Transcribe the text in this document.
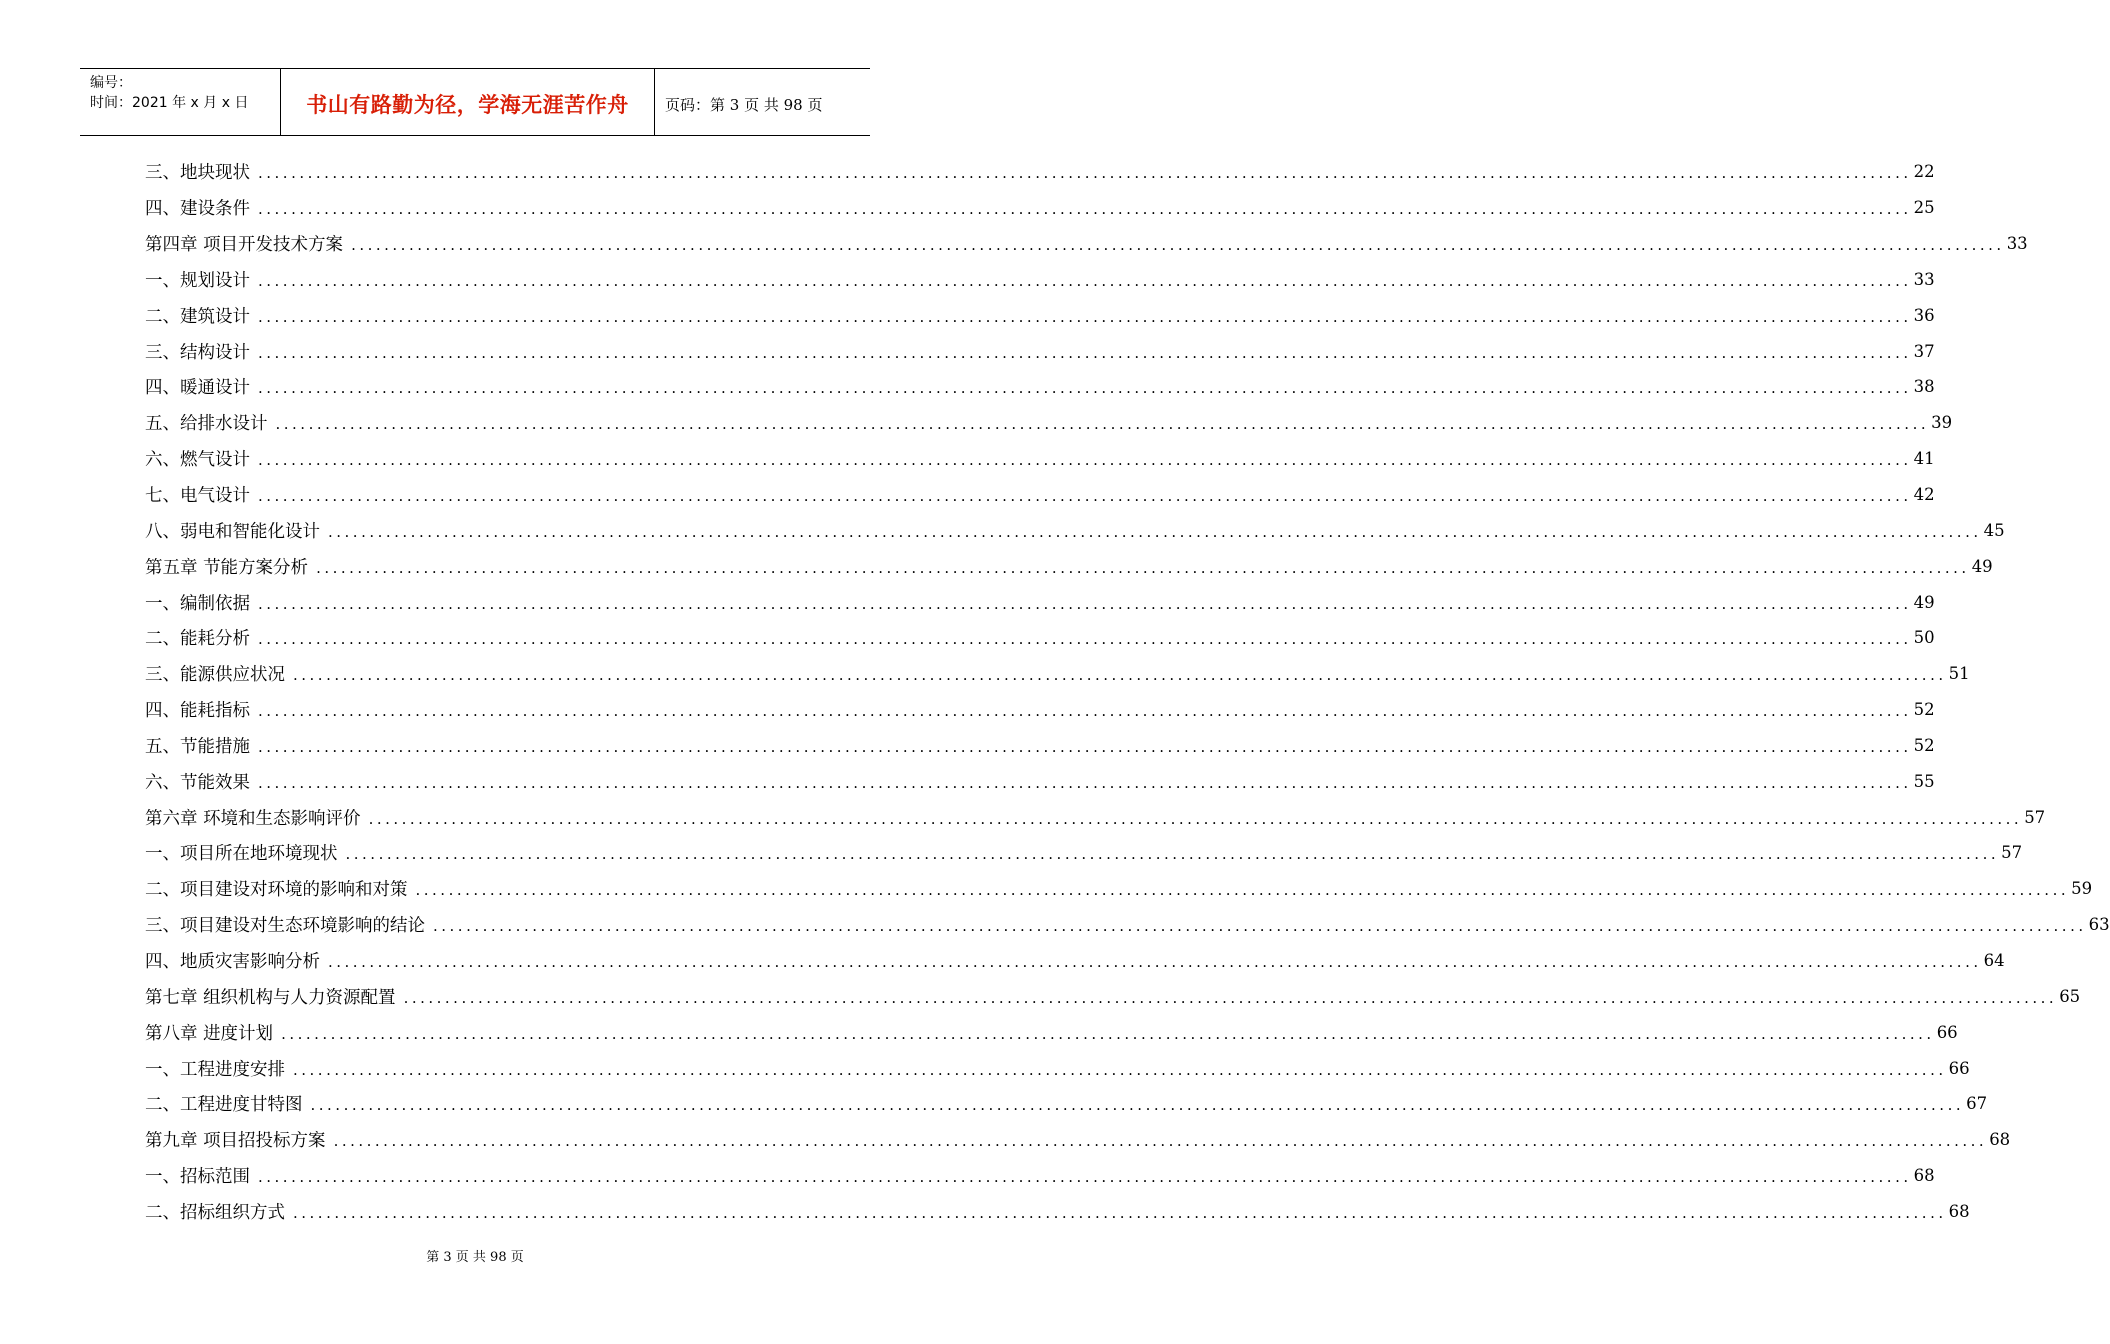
编号：
时间：2021 年 x 月 x 日	书山有路勤为径，学海无涯苦作舟	页码：第 3 页 共 98 页
三、地块现状 ........................................................................................................................................................................................................ 22
四、建设条件 ........................................................................................................................................................................................................ 25
第四章 项目开发技术方案 ........................................................................................................................................................................................................ 33
一、规划设计 ........................................................................................................................................................................................................ 33
二、建筑设计 ........................................................................................................................................................................................................ 36
三、结构设计 ........................................................................................................................................................................................................ 37
四、暖通设计 ........................................................................................................................................................................................................ 38
五、给排水设计 ........................................................................................................................................................................................................ 39
六、燃气设计 ........................................................................................................................................................................................................ 41
七、电气设计 ........................................................................................................................................................................................................ 42
八、弱电和智能化设计 ........................................................................................................................................................................................................ 45
第五章 节能方案分析 ........................................................................................................................................................................................................ 49
一、编制依据 ........................................................................................................................................................................................................ 49
二、能耗分析 ........................................................................................................................................................................................................ 50
三、能源供应状况 ........................................................................................................................................................................................................ 51
四、能耗指标 ........................................................................................................................................................................................................ 52
五、节能措施 ........................................................................................................................................................................................................ 52
六、节能效果 ........................................................................................................................................................................................................ 55
第六章 环境和生态影响评价 ........................................................................................................................................................................................................ 57
一、项目所在地环境现状 ........................................................................................................................................................................................................ 57
二、项目建设对环境的影响和对策 ........................................................................................................................................................................................................ 59
三、项目建设对生态环境影响的结论 ........................................................................................................................................................................................................ 63
四、地质灾害影响分析 ........................................................................................................................................................................................................ 64
第七章 组织机构与人力资源配置 ........................................................................................................................................................................................................ 65
第八章 进度计划 ........................................................................................................................................................................................................ 66
一、工程进度安排 ........................................................................................................................................................................................................ 66
二、工程进度甘特图 ........................................................................................................................................................................................................ 67
第九章 项目招投标方案 ........................................................................................................................................................................................................ 68
一、招标范围 ........................................................................................................................................................................................................ 68
二、招标组织方式 ........................................................................................................................................................................................................ 68
第 3 页 共 98 页
